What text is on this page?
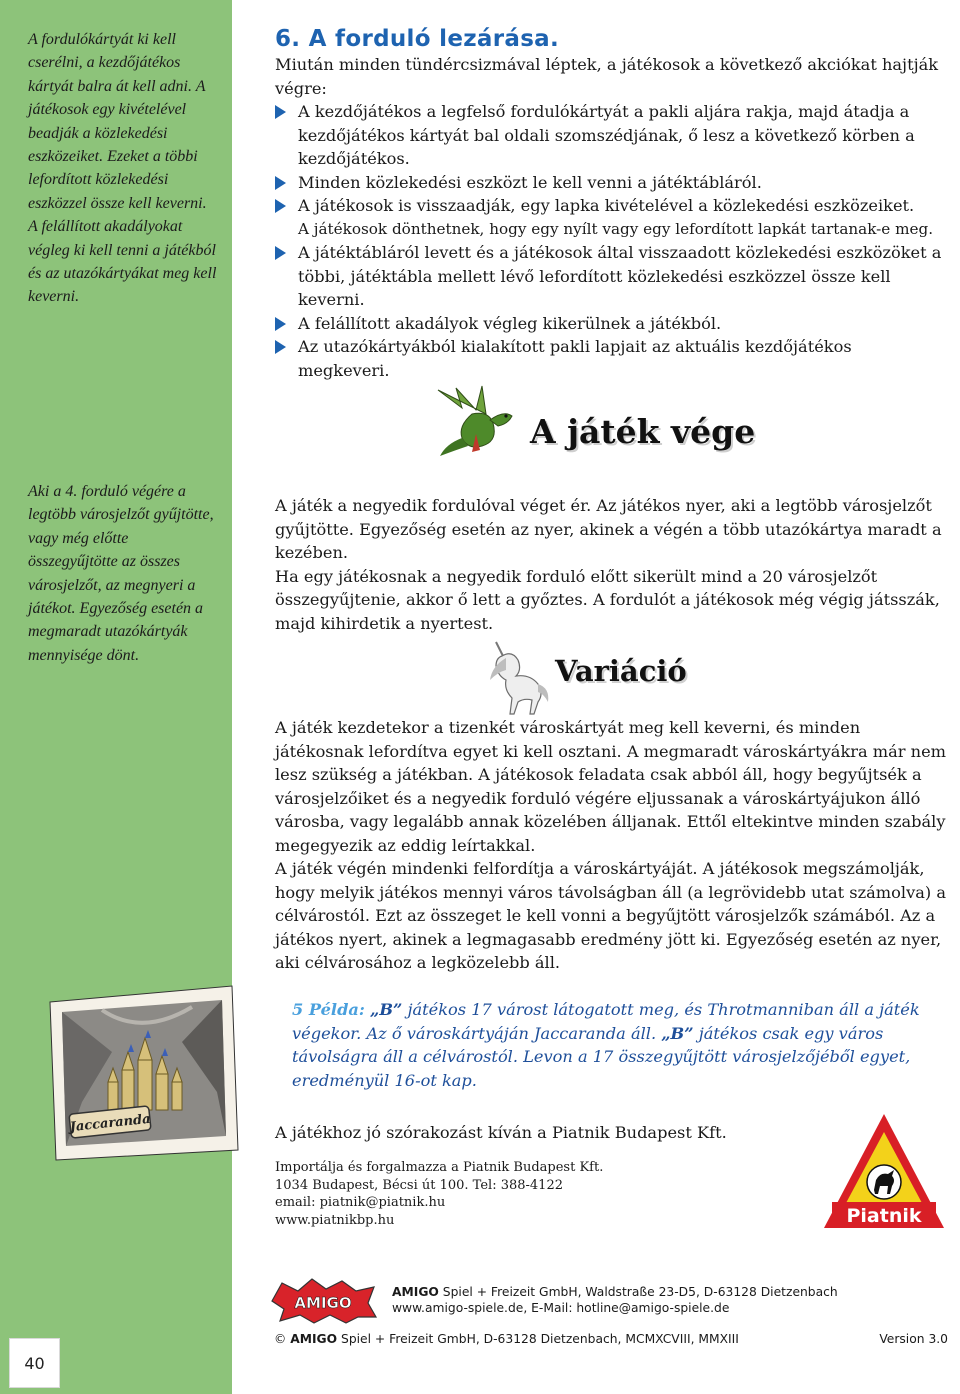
A fordulókártyát ki kell cserélni, a kezdőjátékos kártyát balra át kell adni. A játékosok egy kivételével beadják a közlekedési eszközeiket. Ezeket a többi lefordított közlekedési eszközzel össze kell keverni. A felállított akadályokat végleg ki kell tenni a játékból és az utazókártyákat meg kell keverni.
Aki a 4. forduló végére a legtöbb városjelzőt gyűjtötte, vagy még előtte összegyűjtötte az összes városjelzőt, az megnyeri a játékot. Egyezőség esetén a megmaradt utazókártyák mennyisége dönt.
Jaccaranda
40
6. A forduló lezárása.

Miután minden tündércsizmával léptek, a játékosok a következő akciókat hajtják végre:

A kezdőjátékos a legfelső fordulókártyát a pakli aljára rakja, majd átadja a kezdőjátékos kártyát bal oldali szomszédjának, ő lesz a következő körben a kezdőjátékos.
Minden közlekedési eszközt le kell venni a játéktábláról.
A játékosok is visszaadják, egy lapka kivételével a közlekedési eszközeiket.
A játékosok dönthetnek, hogy egy nyílt vagy egy lefordított lapkát tartanak-e meg.
A játéktábláról levett és a játékosok által visszaadott közlekedési eszközöket a többi, játéktábla mellett lévő lefordított közlekedési eszközzel össze kell keverni.
A felállított akadályok végleg kikerülnek a játékból.
Az utazókártyákból kialakított pakli lapjait az aktuális kezdőjátékos megkeveri.
A játék vége

A játék a negyedik fordulóval véget ér. Az játékos nyer, aki a legtöbb városjelzőt gyűjtötte. Egyezőség esetén az nyer, akinek a végén a több utazókártya maradt a kezében.

Ha egy játékosnak a negyedik forduló előtt sikerült mind a 20 városjelzőt összegyűjtenie, akkor ő lett a győztes. A fordulót a játékosok még végig játsszák, majd kihirdetik a nyertest.

Variáció

A játék kezdetekor a tizenkét városkártyát meg kell keverni, és minden játékosnak lefordítva egyet ki kell osztani. A megmaradt városkártyákra már nem lesz szükség a játékban. A játékosok feladata csak abból áll, hogy begyűjtsék a városjelzőiket és a negyedik forduló végére eljussanak a városkártyájukon álló városba, vagy legalább annak közelében álljanak. Ettől eltekintve minden szabály megegyezik az eddig leírtakkal.

A játék végén mindenki felfordítja a városkártyáját. A játékosok megszámolják, hogy melyik játékos mennyi város távolságban áll (a legrövidebb utat számolva) a célvárostól. Ezt az összeget le kell vonni a begyűjtött városjelzők számából. Az a játékos nyert, akinek a legmagasabb eredmény jött ki. Egyezőség esetén az nyer, aki célvárosához a legközelebb áll.

5 Példa: „B” játékos 17 várost látogatott meg, és Throtmanniban áll a játék végekor. Az ő városkártyáján Jaccaranda áll. „B” játékos csak egy város távolságra áll a célvárostól. Levon a 17 összegyűjtött városjelzőjéből egyet, eredményül 16-ot kap.

A játékhoz jó szórakozást kíván a Piatnik Budapest Kft.

Importálja és forgalmazza a Piatnik Budapest Kft.
1034 Budapest, Bécsi út 100. Tel: 388-4122
email: piatnik@piatnik.hu
www.piatnikbp.hu	Piatnik
AMIGO
AMIGO Spiel + Freizeit GmbH, Waldstraße 23-D5, D-63128 Dietzenbach
www.amigo-spiele.de, E-Mail: hotline@amigo-spiele.de
© AMIGO Spiel + Freizeit GmbH, D-63128 Dietzenbach, MCMXCVIII, MMXIII	Version 3.0
